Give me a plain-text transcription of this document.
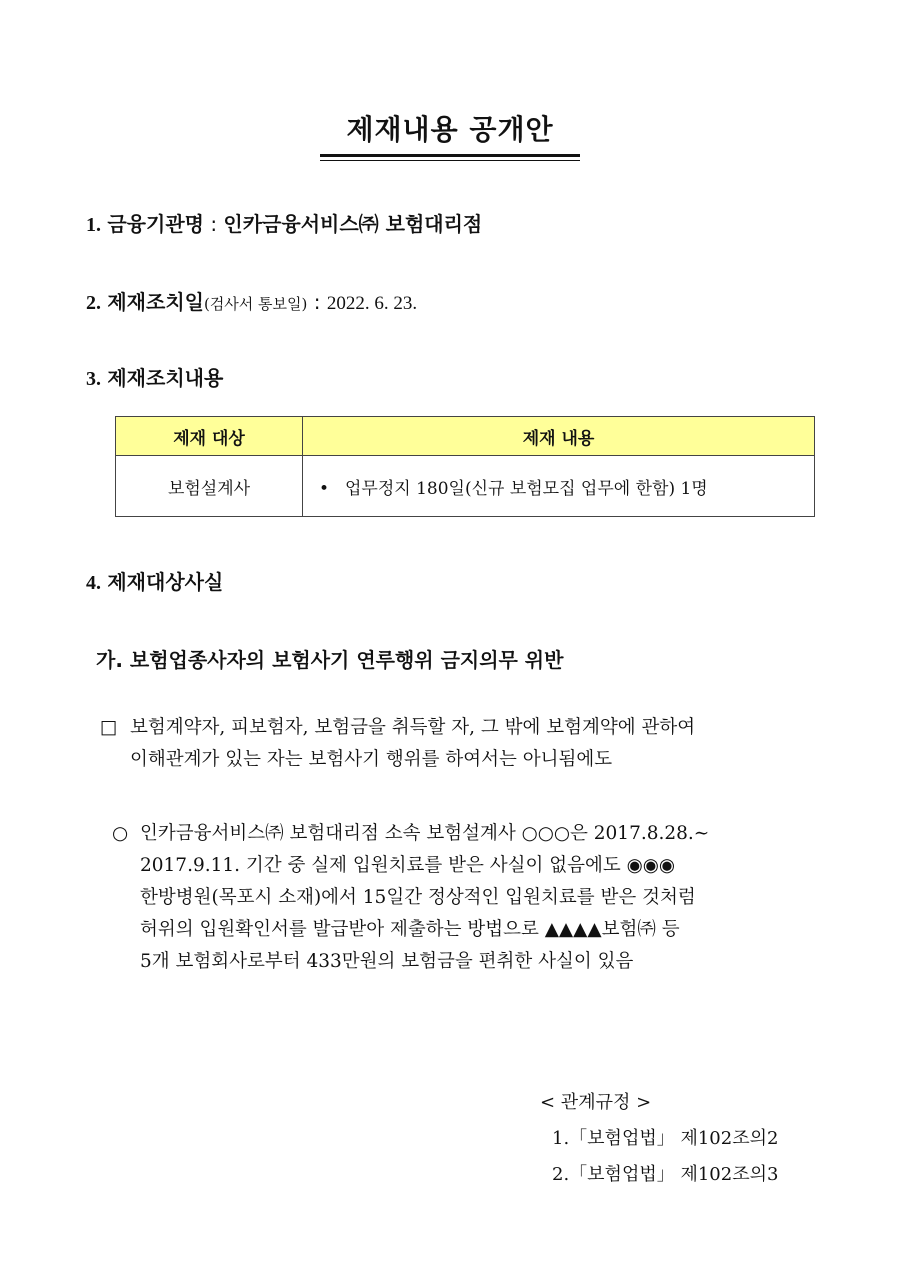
제재내용 공개안
1. 금융기관명 : 인카금융서비스㈜ 보험대리점
2. 제재조치일(검사서 통보일) : 2022. 6. 23.
3. 제재조치내용
제재 대상	제재 내용
보험설계사	• 업무정지 180일(신규 보험모집 업무에 한함) 1명
4. 제재대상사실
가. 보험업종사자의 보험사기 연루행위 금지의무 위반
□ 보험계약자, 피보험자, 보험금을 취득할 자, 그 밖에 보험계약에 관하여
이해관계가 있는 자는 보험사기 행위를 하여서는 아니됨에도
○ 인카금융서비스㈜ 보험대리점 소속 보험설계사 ○○○은 2017.8.28.∼
2017.9.11. 기간 중 실제 입원치료를 받은 사실이 없음에도 ◉◉◉
한방병원(목포시 소재)에서 15일간 정상적인 입원치료를 받은 것처럼
허위의 입원확인서를 발급받아 제출하는 방법으로 ▲▲▲▲보험㈜ 등
5개 보험회사로부터 433만원의 보험금을 편취한 사실이 있음
< 관계규정 >
1.「보험업법」 제102조의2
2.「보험업법」 제102조의3
